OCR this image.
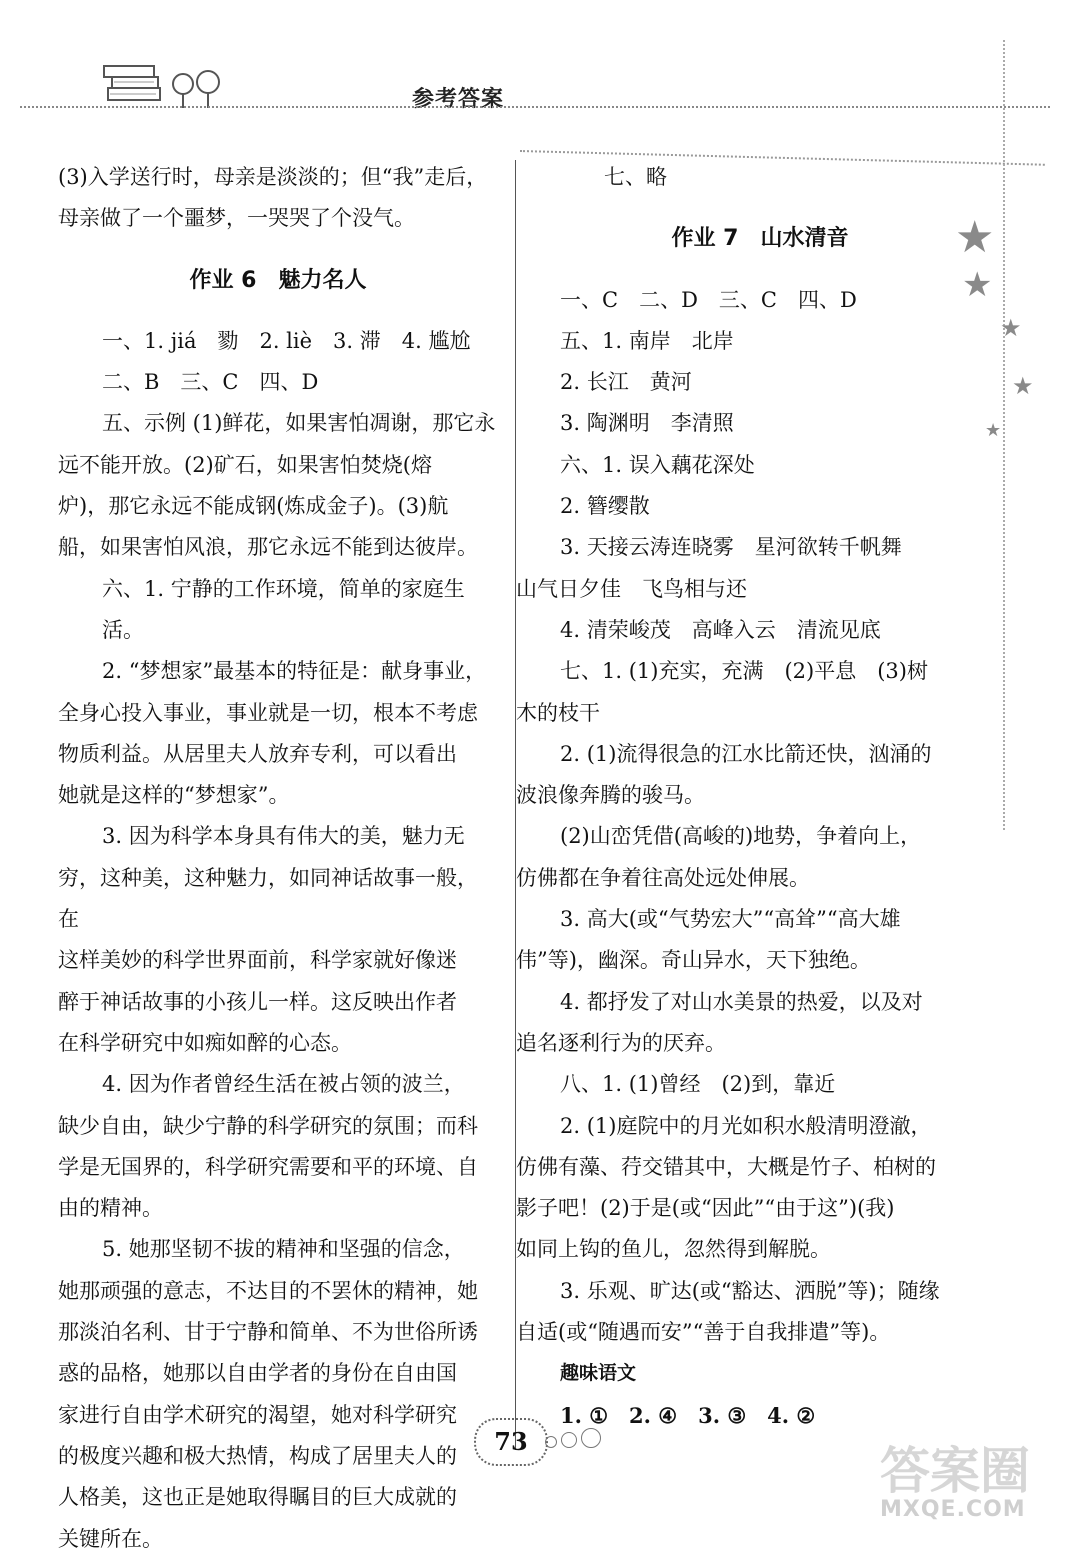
参考答案
★
★
★
★
★

(3)入学送行时，母亲是淡淡的；但“我”走后，

母亲做了一个噩梦，一哭哭了个没气。

作业 6　魅力名人

一、1. jiá　勠　2. liè　3. 滞　4. 尴尬

二、B　三、C　四、D

五、示例 (1)鲜花，如果害怕凋谢，那它永

远不能开放。(2)矿石，如果害怕焚烧(熔

炉)，那它永远不能成钢(炼成金子)。(3)航

船，如果害怕风浪，那它永远不能到达彼岸。

六、1. 宁静的工作环境，简单的家庭生活。

2. “梦想家”最基本的特征是：献身事业，

全身心投入事业，事业就是一切，根本不考虑

物质利益。从居里夫人放弃专利，可以看出

她就是这样的“梦想家”。

3. 因为科学本身具有伟大的美，魅力无

穷，这种美，这种魅力，如同神话故事一般，在

这样美妙的科学世界面前，科学家就好像迷

醉于神话故事的小孩儿一样。这反映出作者

在科学研究中如痴如醉的心态。

4. 因为作者曾经生活在被占领的波兰，

缺少自由，缺少宁静的科学研究的氛围；而科

学是无国界的，科学研究需要和平的环境、自

由的精神。

5. 她那坚韧不拔的精神和坚强的信念，

她那顽强的意志，不达目的不罢休的精神，她

那淡泊名利、甘于宁静和简单、不为世俗所诱

惑的品格，她那以自由学者的身份在自由国

家进行自由学术研究的渴望，她对科学研究

的极度兴趣和极大热情，构成了居里夫人的

人格美，这也正是她取得瞩目的巨大成就的

关键所在。

七、略

作业 7　山水清音

一、C　二、D　三、C　四、D

五、1. 南岸　北岸

2. 长江　黄河

3. 陶渊明　李清照

六、1. 误入藕花深处

2. 簪缨散

3. 天接云涛连晓雾　星河欲转千帆舞

山气日夕佳　飞鸟相与还

4. 清荣峻茂　高峰入云　清流见底

七、1. (1)充实，充满　(2)平息　(3)树

木的枝干

2. (1)流得很急的江水比箭还快，汹涌的

波浪像奔腾的骏马。

(2)山峦凭借(高峻的)地势，争着向上，

仿佛都在争着往高处远处伸展。

3. 高大(或“气势宏大”“高耸”“高大雄

伟”等)，幽深。奇山异水，天下独绝。

4. 都抒发了对山水美景的热爱，以及对

追名逐利行为的厌弃。

八、1. (1)曾经　(2)到，靠近

2. (1)庭院中的月光如积水般清明澄澈，

仿佛有藻、荇交错其中，大概是竹子、柏树的

影子吧！(2)于是(或“因此”“由于这”)(我)

如同上钩的鱼儿，忽然得到解脱。

3. 乐观、旷达(或“豁达、洒脱”等)；随缘

自适(或“随遇而安”“善于自我排遣”等)。

趣味语文

1. ①　2. ④　3. ③　4. ②

73
答案圈
MXQE.COM
